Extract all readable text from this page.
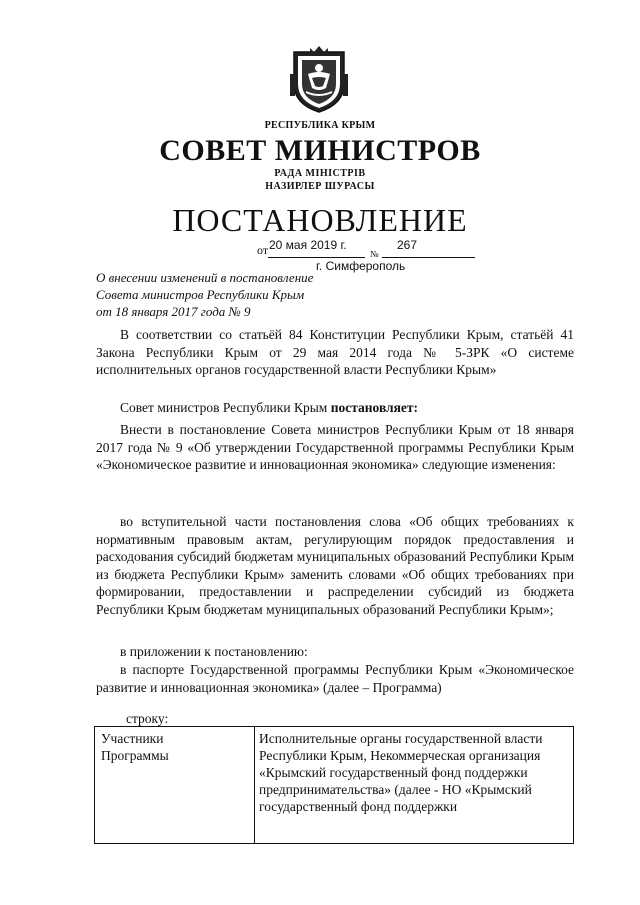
РЕСПУБЛИКА КРЫМ
СОВЕТ МИНИСТРОВ
РАДА МІНІСТРІВ
НАЗИРЛЕР ШУРАСЫ
ПОСТАНОВЛЕНИЕ
от 20 мая 2019 г.
№
267
г. Симферополь
О внесении изменений в постановление
Совета министров Республики Крым
от 18 января 2017 года № 9
В соответствии со статьёй 84 Конституции Республики Крым, статьёй 41 Закона Республики Крым от 29 мая 2014 года № 5-ЗРК «О системе исполнительных органов государственной власти Республики Крым»
Совет министров Республики Крым постановляет:
Внести в постановление Совета министров Республики Крым от 18 января 2017 года № 9 «Об утверждении Государственной программы Республики Крым «Экономическое развитие и инновационная экономика» следующие изменения:
во вступительной части постановления слова «Об общих требованиях к нормативным правовым актам, регулирующим порядок предоставления и расходования субсидий бюджетам муниципальных образований Республики Крым из бюджета Республики Крым» заменить словами «Об общих требованиях при формировании, предоставлении и распределении субсидий из бюджета Республики Крым бюджетам муниципальных образований Республики Крым»;
в приложении к постановлению:
в паспорте Государственной программы Республики Крым «Экономическое развитие и инновационная экономика» (далее – Программа)
строку:
Участники
Программы
Исполнительные органы государственной власти
Республики Крым, Некоммерческая организация
«Крымский государственный фонд поддержки
предпринимательства» (далее - НО «Крымский
государственный фонд поддержки
